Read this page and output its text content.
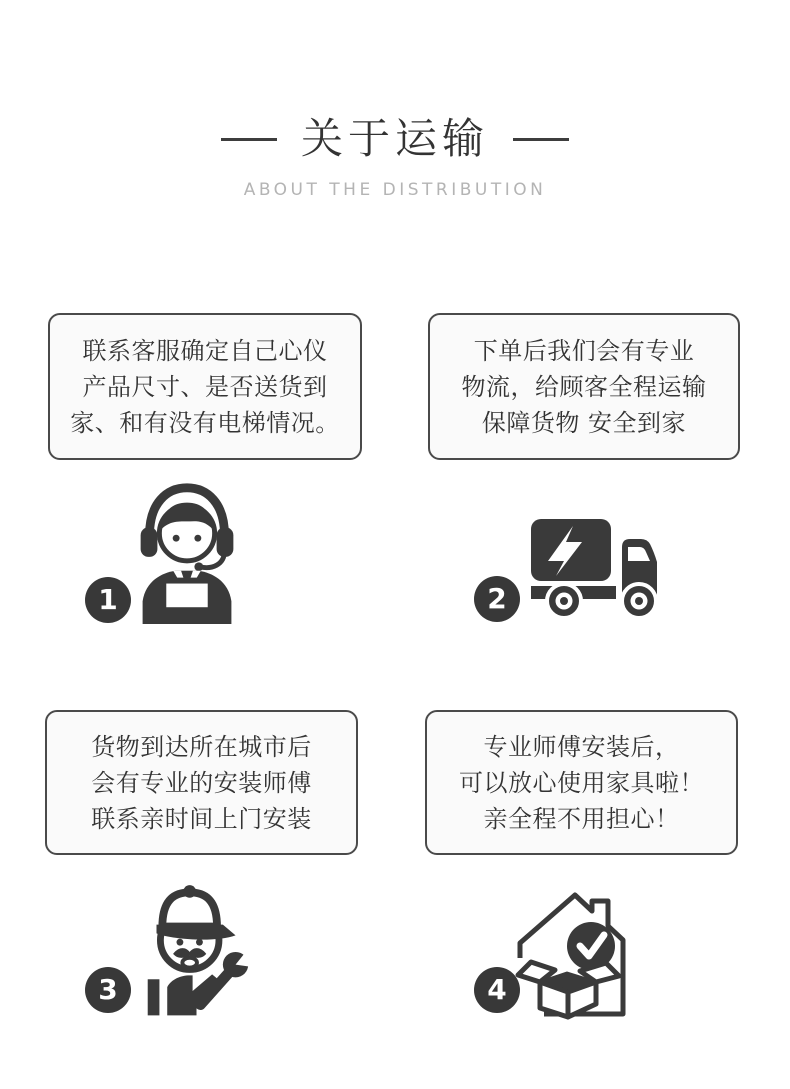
关于运输
ABOUT THE DISTRIBUTION
联系客服确定自己心仪
产品尺寸、是否送货到
家、和有没有电梯情况。
下单后我们会有专业
物流，给顾客全程运输
保障货物 安全到家
货物到达所在城市后
会有专业的安装师傅
联系亲时间上门安装
专业师傅安装后，
可以放心使用家具啦！
亲全程不用担心！
1	2
3	4
